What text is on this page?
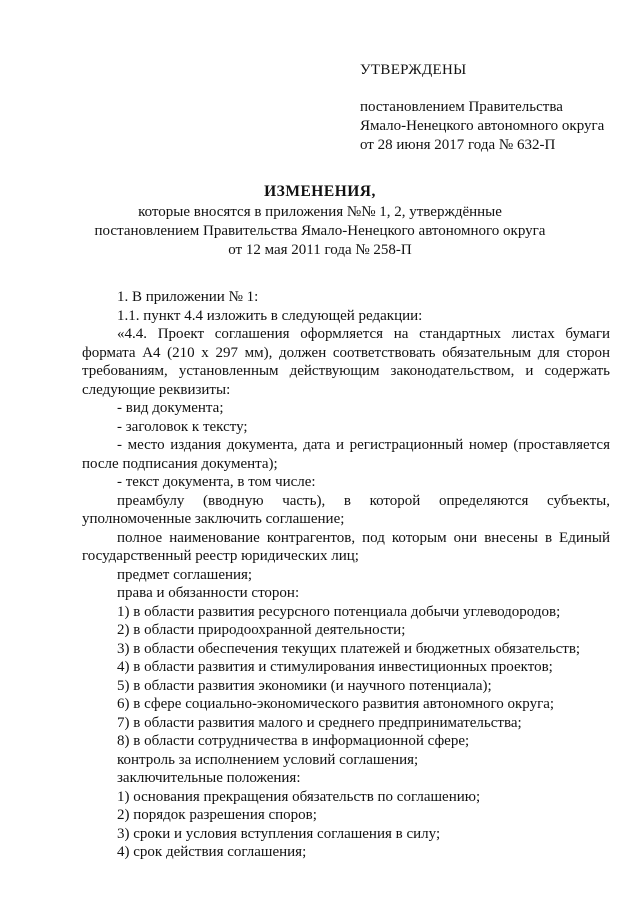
УТВЕРЖДЕНЫ
постановлением Правительства
Ямало-Ненецкого автономного округа
от 28 июня 2017 года № 632-П
ИЗМЕНЕНИЯ,
которые вносятся в приложения №№ 1, 2, утверждённые
постановлением Правительства Ямало-Ненецкого автономного округа
от 12 мая 2011 года № 258-П

1. В приложении № 1:

1.1. пункт 4.4 изложить в следующей редакции:

«4.4. Проект соглашения оформляется на стандартных листах бумаги формата А4 (210 х 297 мм), должен соответствовать обязательным для сторон требованиям, установленным действующим законодательством, и содержать следующие реквизиты:

- вид документа;

- заголовок к тексту;

- место издания документа, дата и регистрационный номер (проставляется после подписания документа);

- текст документа, в том числе:

преамбулу (вводную часть), в которой определяются субъекты,

уполномоченные заключить соглашение;

полное наименование контрагентов, под которым они внесены в Единый государственный реестр юридических лиц;

предмет соглашения;

права и обязанности сторон:

1) в области развития ресурсного потенциала добычи углеводородов;

2) в области природоохранной деятельности;

3) в области обеспечения текущих платежей и бюджетных обязательств;

4) в области развития и стимулирования инвестиционных проектов;

5) в области развития экономики (и научного потенциала);

6) в сфере социально-экономического развития автономного округа;

7) в области развития малого и среднего предпринимательства;

8) в области сотрудничества в информационной сфере;

контроль за исполнением условий соглашения;

заключительные положения:

1) основания прекращения обязательств по соглашению;

2) порядок разрешения споров;

3) сроки и условия вступления соглашения в силу;

4) срок действия соглашения;
